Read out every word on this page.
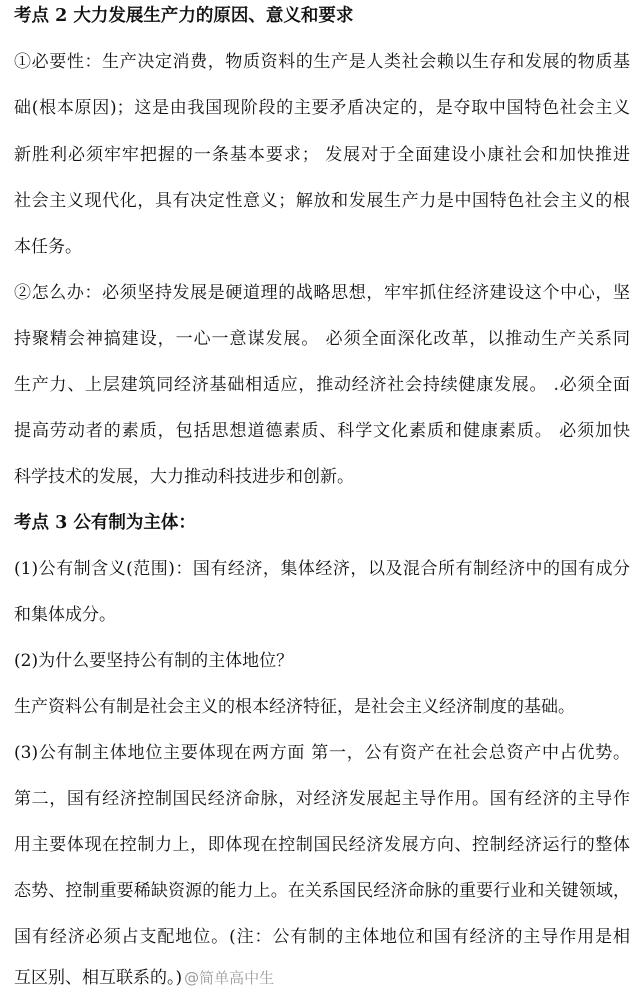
考点 2 大力发展生产力的原因、意义和要求
①必要性：生产决定消费，物质资料的生产是人类社会赖以生存和发展的物质基
础(根本原因)；这是由我国现阶段的主要矛盾决定的，是夺取中国特色社会主义
新胜利必须牢牢把握的一条基本要求； 发展对于全面建设小康社会和加快推进
社会主义现代化，具有决定性意义；解放和发展生产力是中国特色社会主义的根
本任务。
②怎么办：必须坚持发展是硬道理的战略思想，牢牢抓住经济建设这个中心，坚
持聚精会神搞建设，一心一意谋发展。 必须全面深化改革，以推动生产关系同
生产力、上层建筑同经济基础相适应，推动经济社会持续健康发展。 .必须全面
提高劳动者的素质，包括思想道德素质、科学文化素质和健康素质。 必须加快
科学技术的发展，大力推动科技进步和创新。
考点 3 公有制为主体：
(1)公有制含义(范围)：国有经济，集体经济，以及混合所有制经济中的国有成分
和集体成分。
(2)为什么要坚持公有制的主体地位？
生产资料公有制是社会主义的根本经济特征，是社会主义经济制度的基础。
(3)公有制主体地位主要体现在两方面 第一，公有资产在社会总资产中占优势。
第二，国有经济控制国民经济命脉，对经济发展起主导作用。国有经济的主导作
用主要体现在控制力上，即体现在控制国民经济发展方向、控制经济运行的整体
态势、控制重要稀缺资源的能力上。在关系国民经济命脉的重要行业和关键领域，
国有经济必须占支配地位。(注：公有制的主体地位和国有经济的主导作用是相
互区别、相互联系的。) @简单高中生
